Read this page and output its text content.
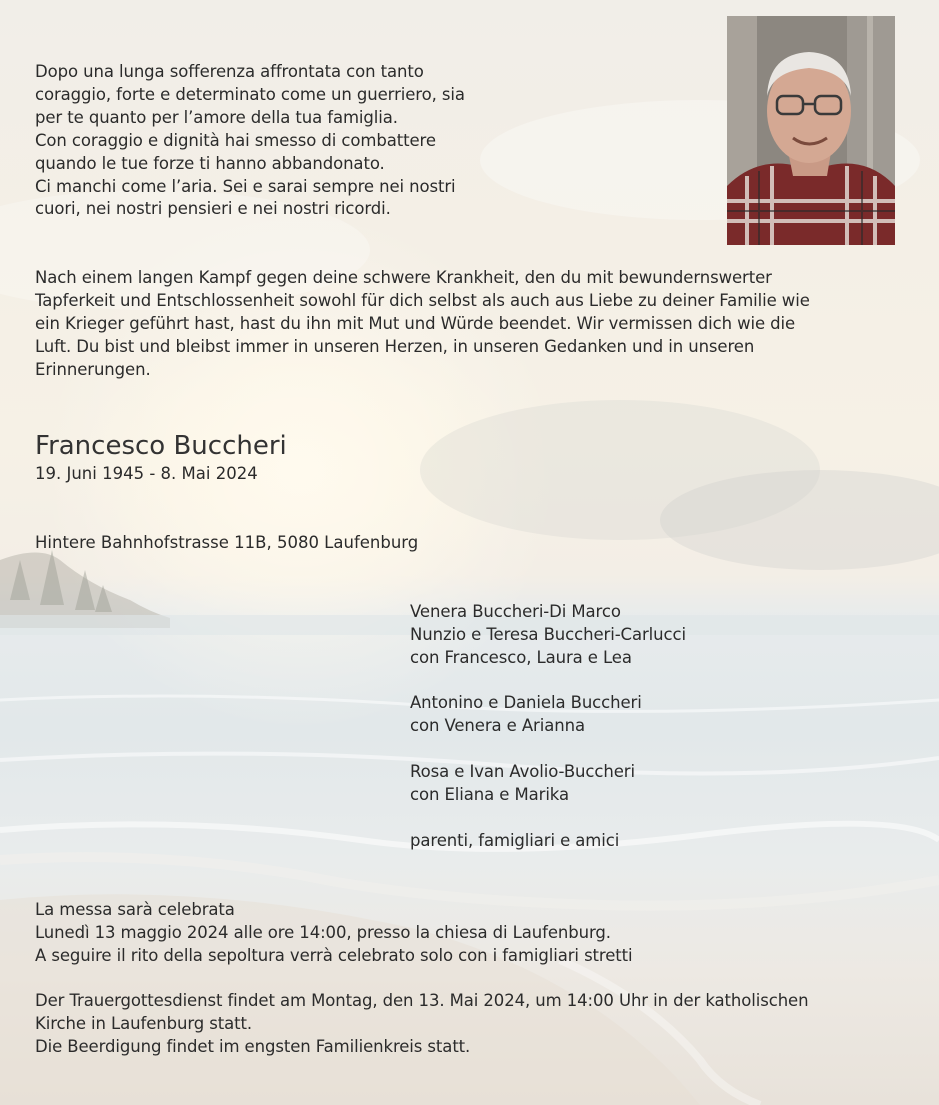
Dopo una lunga sofferenza affrontata con tanto
coraggio, forte e determinato come un guerriero, sia
per te quanto per l’amore della tua famiglia.
Con coraggio e dignità hai smesso di combattere
quando le tue forze ti hanno abbandonato.
Ci manchi come l’aria. Sei e sarai sempre nei nostri
cuori, nei nostri pensieri e nei nostri ricordi.
Nach einem langen Kampf gegen deine schwere Krankheit, den du mit bewundernswerter
Tapferkeit und Entschlossenheit sowohl für dich selbst als auch aus Liebe zu deiner Familie wie
ein Krieger geführt hast, hast du ihn mit Mut und Würde beendet. Wir vermissen dich wie die
Luft. Du bist und bleibst immer in unseren Herzen, in unseren Gedanken und in unseren
Erinnerungen.
Francesco Buccheri
19. Juni 1945 - 8. Mai 2024
Hintere Bahnhofstrasse 11B, 5080 Laufenburg
Venera Buccheri-Di Marco
Nunzio e Teresa Buccheri-Carlucci
con Francesco, Laura e Lea
Antonino e Daniela Buccheri
con Venera e Arianna
Rosa e Ivan Avolio-Buccheri
con Eliana e Marika
parenti, famigliari e amici
La messa sarà celebrata
Lunedì 13 maggio 2024 alle ore 14:00, presso la chiesa di Laufenburg.
A seguire il rito della sepoltura verrà celebrato solo con i famigliari stretti
Der Trauergottesdienst findet am Montag, den 13. Mai 2024, um 14:00 Uhr in der katholischen
Kirche in Laufenburg statt.
Die Beerdigung findet im engsten Familienkreis statt.
